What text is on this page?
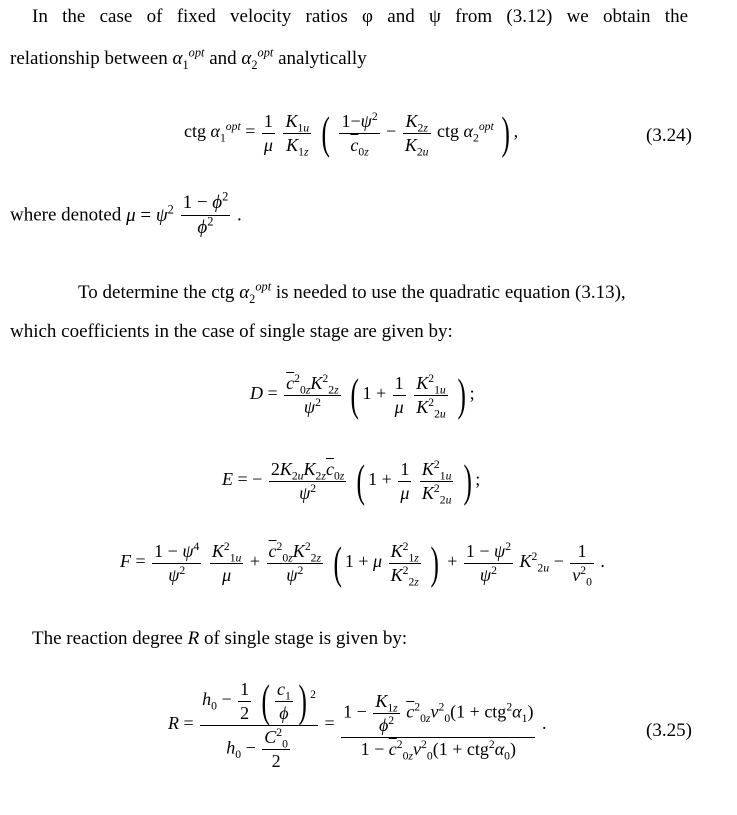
In the case of fixed velocity ratios φ and ψ from (3.12) we obtain the
relationship between $\alpha_1^{opt}$ and $\alpha_2^{opt}$ analytically
ctg $\alpha_1^{opt} = \frac{1}{\mu}$
$\frac{K_{1u}}{K_{1z}}$ ( $\frac{1-\psi^2}{\overline{c}_{0z}} - \frac{K_{2z}}{K_{2u}}$ ctg $\alpha_2^{opt}$ ) ,	(3.24)
where denoted $\mu = \psi^2 \frac{1 - \phi^2}{\phi^2}$ .
To determine the ctg $\alpha_2^{opt}$ is needed to use the quadratic equation (3.13),
which coefficients in the case of single stage are given by:
$D = \frac{\overline{c}^2_{0z}K^2_{2z}}{\psi^2}$ ( $1 + \frac{1}{\mu}$
$\frac{K^2_{1u}}{K^2_{2u}}$ ) ;
E = − $\frac{2K_{2u}K_{2z}\overline{c}_{0z}}{\psi^2}$ ( $1 + \frac{1}{\mu}$
$\frac{K^2_{1u}}{K^2_{2u}}$ ) ;
$F = \frac{1 - \psi^4}{\psi^2}$
$\frac{K^2_{1u}}{\mu} + \frac{\overline{c}^2_{0z}K^2_{2z}}{\psi^2}$ ( 1 + μ $\frac{K^2_{1z}}{K^2_{2z}}$ ) + $\frac{1 - \psi^2}{\psi^2} K^2_{2u} - \frac{1}{\nu^2_0}$ .
The reaction degree R of single stage is given by:
$R = \frac{h_0 - \frac{1}{2} ( \frac{c_1}{\phi} ) ^2}{h_0 - \frac{C^2_0}{2}} = \frac{1 - \frac{K_{1z}}{\phi^2} \overline{c}^2_{0z}\nu^2_0(1 + ctg^2\alpha_1)}{1 - \overline{c}^2_{0z}\nu^2_0(1 + ctg^2\alpha_0)}$ .	(3.25)
